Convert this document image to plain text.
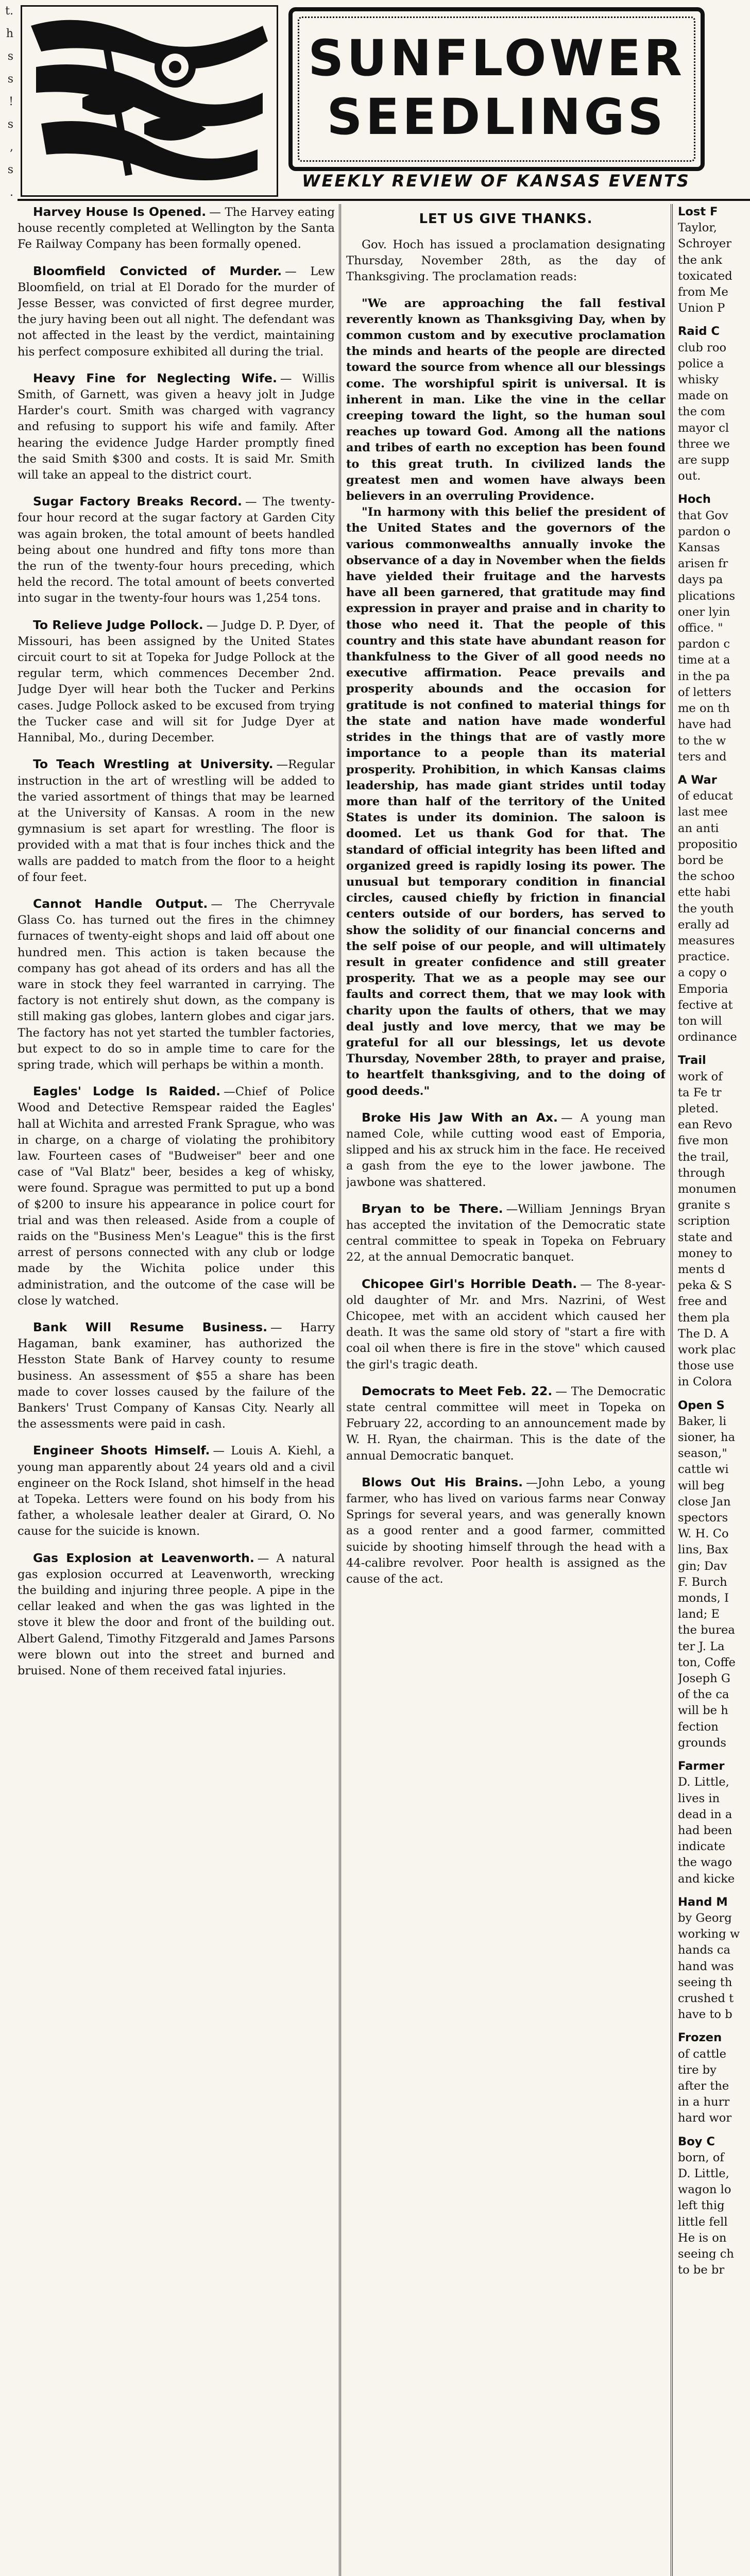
t.
h
s
s
!
s
,
s
.
SUNFLOWER
SEEDLINGS
WEEKLY REVIEW OF KANSAS EVENTS

Harvey House Is Opened. — The Harvey eating house recently completed at Wellington by the Santa Fe Railway Company has been formally opened.

Bloomfield Convicted of Murder. — Lew Bloomfield, on trial at El Dorado for the murder of Jesse Besser, was convicted of first degree murder, the jury having been out all night. The defendant was not affected in the least by the verdict, maintaining his perfect composure exhibited all during the trial.

Heavy Fine for Neglecting Wife. — Willis Smith, of Garnett, was given a heavy jolt in Judge Harder's court. Smith was charged with vagrancy and refusing to support his wife and family. After hearing the evidence Judge Harder promptly fined the said Smith $300 and costs. It is said Mr. Smith will take an appeal to the district court.

Sugar Factory Breaks Record. — The twenty-four hour record at the sugar factory at Garden City was again broken, the total amount of beets handled being about one hundred and fifty tons more than the run of the twenty-four hours preceding, which held the record. The total amount of beets converted into sugar in the twenty-four hours was 1,254 tons.

To Relieve Judge Pollock. — Judge D. P. Dyer, of Missouri, has been assigned by the United States circuit court to sit at Topeka for Judge Pollock at the regular term, which commences December 2nd. Judge Dyer will hear both the Tucker and Perkins cases. Judge Pollock asked to be excused from trying the Tucker case and will sit for Judge Dyer at Hannibal, Mo., during December.

To Teach Wrestling at University. —Regular instruction in the art of wrestling will be added to the varied assortment of things that may be learned at the University of Kansas. A room in the new gymnasium is set apart for wrestling. The floor is provided with a mat that is four inches thick and the walls are padded to match from the floor to a height of four feet.

Cannot Handle Output. — The Cherryvale Glass Co. has turned out the fires in the chimney furnaces of twenty-eight shops and laid off about one hundred men. This action is taken because the company has got ahead of its orders and has all the ware in stock they feel warranted in carrying. The factory is not entirely shut down, as the company is still making gas globes, lantern globes and cigar jars. The factory has not yet started the tumbler factories, but expect to do so in ample time to care for the spring trade, which will perhaps be within a month.

Eagles' Lodge Is Raided. —Chief of Police Wood and Detective Remspear raided the Eagles' hall at Wichita and arrested Frank Sprague, who was in charge, on a charge of violating the prohibitory law. Fourteen cases of "Budweiser" beer and one case of "Val Blatz" beer, besides a keg of whisky, were found. Sprague was permitted to put up a bond of $200 to insure his appearance in police court for trial and was then released. Aside from a couple of raids on the "Business Men's League" this is the first arrest of persons connected with any club or lodge made by the Wichita police under this administration, and the outcome of the case will be close ly watched.

Bank Will Resume Business. — Harry Hagaman, bank examiner, has authorized the Hesston State Bank of Harvey county to resume business. An assessment of $55 a share has been made to cover losses caused by the failure of the Bankers' Trust Company of Kansas City. Nearly all the assessments were paid in cash.

Engineer Shoots Himself. — Louis A. Kiehl, a young man apparently about 24 years old and a civil engineer on the Rock Island, shot himself in the head at Topeka. Letters were found on his body from his father, a wholesale leather dealer at Girard, O. No cause for the suicide is known.

Gas Explosion at Leavenworth. — A natural gas explosion occurred at Leavenworth, wrecking the building and injuring three people. A pipe in the cellar leaked and when the gas was lighted in the stove it blew the door and front of the building out. Albert Galend, Timothy Fitzgerald and James Parsons were blown out into the street and burned and bruised. None of them received fatal injuries.

LET US GIVE THANKS.

Gov. Hoch has issued a proclamation designating Thursday, November 28th, as the day of Thanksgiving. The proclamation reads:

"We are approaching the fall festival reverently known as Thanksgiving Day, when by common custom and by executive proclamation the minds and hearts of the people are directed toward the source from whence all our blessings come. The worshipful spirit is universal. It is inherent in man. Like the vine in the cellar creeping toward the light, so the human soul reaches up toward God. Among all the nations and tribes of earth no exception has been found to this great truth. In civilized lands the greatest men and women have always been believers in an overruling Providence.

"In harmony with this belief the president of the United States and the governors of the various commonwealths annually invoke the observance of a day in November when the fields have yielded their fruitage and the harvests have all been garnered, that gratitude may find expression in prayer and praise and in charity to those who need it. That the people of this country and this state have abundant reason for thankfulness to the Giver of all good needs no executive affirmation. Peace prevails and prosperity abounds and the occasion for gratitude is not confined to material things for the state and nation have made wonderful strides in the things that are of vastly more importance to a people than its material prosperity. Prohibition, in which Kansas claims leadership, has made giant strides until today more than half of the territory of the United States is under its dominion. The saloon is doomed. Let us thank God for that. The standard of official integrity has been lifted and organized greed is rapidly losing its power. The unusual but temporary condition in financial circles, caused chiefly by friction in financial centers outside of our borders, has served to show the solidity of our financial concerns and the self poise of our people, and will ultimately result in greater confidence and still greater prosperity. That we as a people may see our faults and correct them, that we may look with charity upon the faults of others, that we may deal justly and love mercy, that we may be grateful for all our blessings, let us devote Thursday, November 28th, to prayer and praise, to heartfelt thanksgiving, and to the doing of good deeds."

Broke His Jaw With an Ax. — A young man named Cole, while cutting wood east of Emporia, slipped and his ax struck him in the face. He received a gash from the eye to the lower jawbone. The jawbone was shattered.

Bryan to be There. —William Jennings Bryan has accepted the invitation of the Democratic state central committee to speak in Topeka on February 22, at the annual Democratic banquet.

Chicopee Girl's Horrible Death. — The 8-year-old daughter of Mr. and Mrs. Nazrini, of West Chicopee, met with an accident which caused her death. It was the same old story of "start a fire with coal oil when there is fire in the stove" which caused the girl's tragic death.

Democrats to Meet Feb. 22. — The Democratic state central committee will meet in Topeka on February 22, according to an announcement made by W. H. Ryan, the chairman. This is the date of the annual Democratic banquet.

Blows Out His Brains. —John Lebo, a young farmer, who has lived on various farms near Conway Springs for several years, and was generally known as a good renter and a good farmer, committed suicide by shooting himself through the head with a 44-calibre revolver. Poor health is assigned as the cause of the act.

Lost F
Taylor,
Schroyer
the ank
toxicated
from Me
Union P
Raid C
club roo
police a
whisky
made on
the com
mayor cl
three we
are supp
out.
Hoch
that Gov
pardon o
Kansas
arisen fr
days pa
plications
oner lyin
office. "
pardon c
time at a
in the pa
of letters
me on th
have had
to the w
ters and
A War
of educat
last mee
an anti
propositio
bord be
the schoo
ette habi
the youth
erally ad
measures
practice.
a copy o
Emporia
fective at
ton will
ordinance
Trail
work of
ta Fe tr
pleted.
ean Revo
five mon
the trail,
through
monumen
granite s
scription
state and
money to
ments d
peka & S
free and
them pla
The D. A
work plac
those use
in Colora
Open S
Baker, li
sioner, ha
season,"
cattle wi
will beg
close Jan
spectors
W. H. Co
lins, Bax
gin; Dav
F. Burch
monds, I
land; E
the burea
ter J. La
ton, Coffe
Joseph G
of the ca
will be h
fection
grounds
Farmer
D. Little,
lives in
dead in a
had been
indicate
the wago
and kicke
Hand M
by Georg
working w
hands ca
hand was
seeing th
crushed t
have to b
Frozen
of cattle
tire by
after the
in a hurr
hard wor
Boy C
born, of
D. Little,
wagon lo
left thig
little fell
He is on
seeing ch
to be br
